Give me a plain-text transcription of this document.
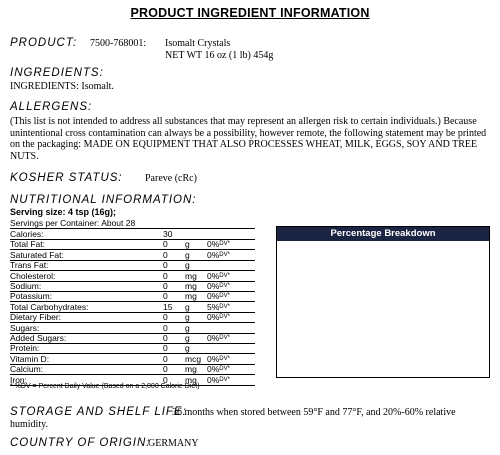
PRODUCT INGREDIENT INFORMATION
PRODUCT: 7500-768001: Isomalt Crystals
NET WT 16 oz (1 lb) 454g
INGREDIENTS:
INGREDIENTS: Isomalt.
ALLERGENS:
(This list is not intended to address all substances that may represent an allergen risk to certain individuals.) Because unintentional cross contamination can always be a possibility, however remote, the following statement may be printed on the packaging: MADE ON EQUIPMENT THAT ALSO PROCESSES WHEAT, MILK, EGGS, SOY AND TREE NUTS.
KOSHER STATUS: Pareve (cRc)
NUTRITIONAL INFORMATION:
Serving size: 4 tsp (16g);
Servings per Container: About 28
Calories:	30
Total Fat:	0 g 0%$^{DV*}$
Saturated Fat:	0 g 0%$^{DV*}$
Trans Fat:	0 g
Cholesterol:	0 mg 0%$^{DV*}$
Sodium:	0 mg 0%$^{DV*}$
Potassium:	0 mg 0%$^{DV*}$
Total Carbohydrates:	15 g 5%$^{DV*}$
Dietary Fiber:	0 g 0%$^{DV*}$
Sugars:	0 g
Added Sugars:	0 g 0%$^{DV*}$
Protein:	0 g
Vitamin D:	0 mcg 0%$^{DV*}$
Calcium:	0 mg 0%$^{DV*}$
Iron:	0 mg 0%$^{DV*}$
* %DV = Percent Daily Value (Based on a 2,000 Calorie Diet)
Percentage Breakdown
STORAGE AND SHELF LIFE:
36 months when stored between 59°F and 77°F, and 20%-60% relative
humidity.
COUNTRY OF ORIGIN:
GERMANY
